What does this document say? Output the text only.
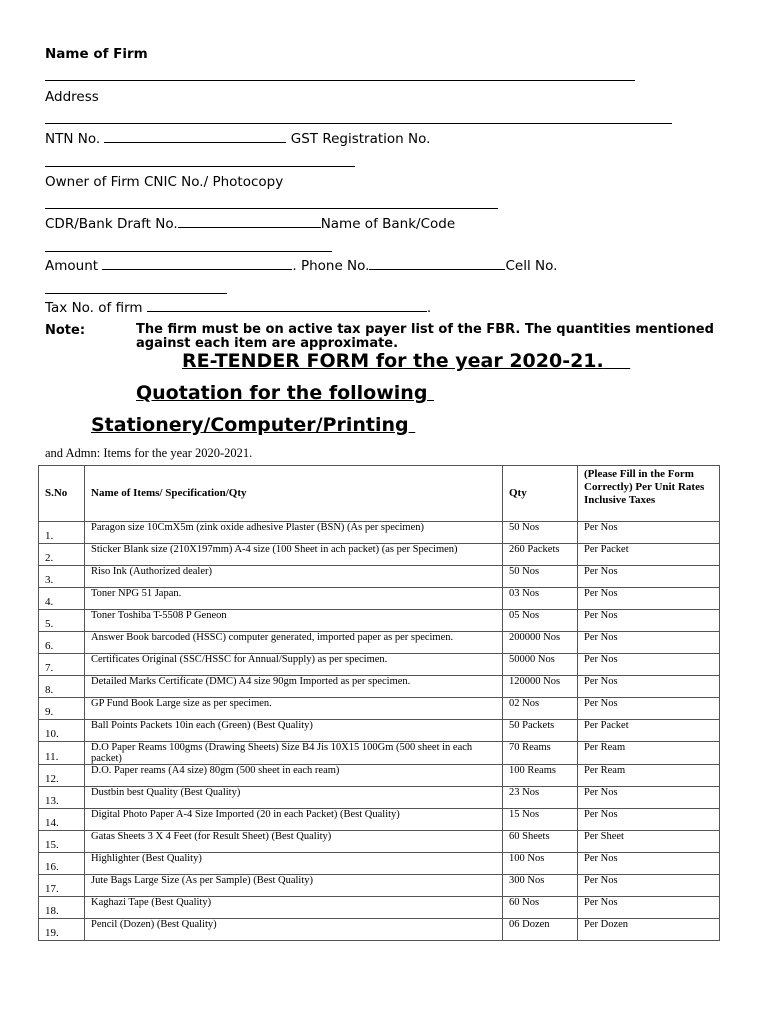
Name of Firm
Address
NTN No.	GST Registration No.
Owner of Firm CNIC No./ Photocopy
CDR/Bank Draft No.	Name of Bank/Code
Amount	. Phone No.	Cell No.
Tax No. of firm	.
Note:	The firm must be on active tax payer list of the FBR. The quantities mentioned against each item are approximate.
RE-TENDER FORM for the year 2020-21.
Quotation for the following
Stationery/Computer/Printing
and Admn: Items for the year 2020-2021.
S.No	Name of Items/ Specification/Qty	Qty	(Please Fill in the Form Correctly) Per Unit Rates Inclusive Taxes
1.	Paragon size 10CmX5m (zink oxide adhesive Plaster (BSN) (As per specimen)	50 Nos	Per Nos
2.	Sticker Blank size (210X197mm) A-4 size (100 Sheet in ach packet) (as per Specimen)	260 Packets	Per Packet
3.	Riso Ink (Authorized dealer)	50 Nos	Per Nos
4.	Toner NPG 51 Japan.	03 Nos	Per Nos
5.	Toner Toshiba T-5508 P Geneon	05 Nos	Per Nos
6.	Answer Book barcoded (HSSC) computer generated, imported paper as per specimen.	200000 Nos	Per Nos
7.	Certificates Original (SSC/HSSC for Annual/Supply) as per specimen.	50000 Nos	Per Nos
8.	Detailed Marks Certificate (DMC) A4 size 90gm Imported as per specimen.	120000 Nos	Per Nos
9.	GP Fund Book Large size as per specimen.	02 Nos	Per Nos
10.	Ball Points Packets 10in each (Green) (Best Quality)	50 Packets	Per Packet
11.	D.O Paper Reams 100gms (Drawing Sheets) Size B4 Jis 10X15 100Gm (500 sheet in each packet)	70 Reams	Per Ream
12.	D.O. Paper reams (A4 size) 80gm (500 sheet in each ream)	100 Reams	Per Ream
13.	Dustbin best Quality (Best Quality)	23 Nos	Per Nos
14.	Digital Photo Paper A-4 Size Imported (20 in each Packet) (Best Quality)	15 Nos	Per Nos
15.	Gatas Sheets 3 X 4 Feet (for Result Sheet) (Best Quality)	60 Sheets	Per Sheet
16.	Highlighter (Best Quality)	100 Nos	Per Nos
17.	Jute Bags Large Size (As per Sample) (Best Quality)	300 Nos	Per Nos
18.	Kaghazi Tape (Best Quality)	60 Nos	Per Nos
19.	Pencil (Dozen) (Best Quality)	06 Dozen	Per Dozen
